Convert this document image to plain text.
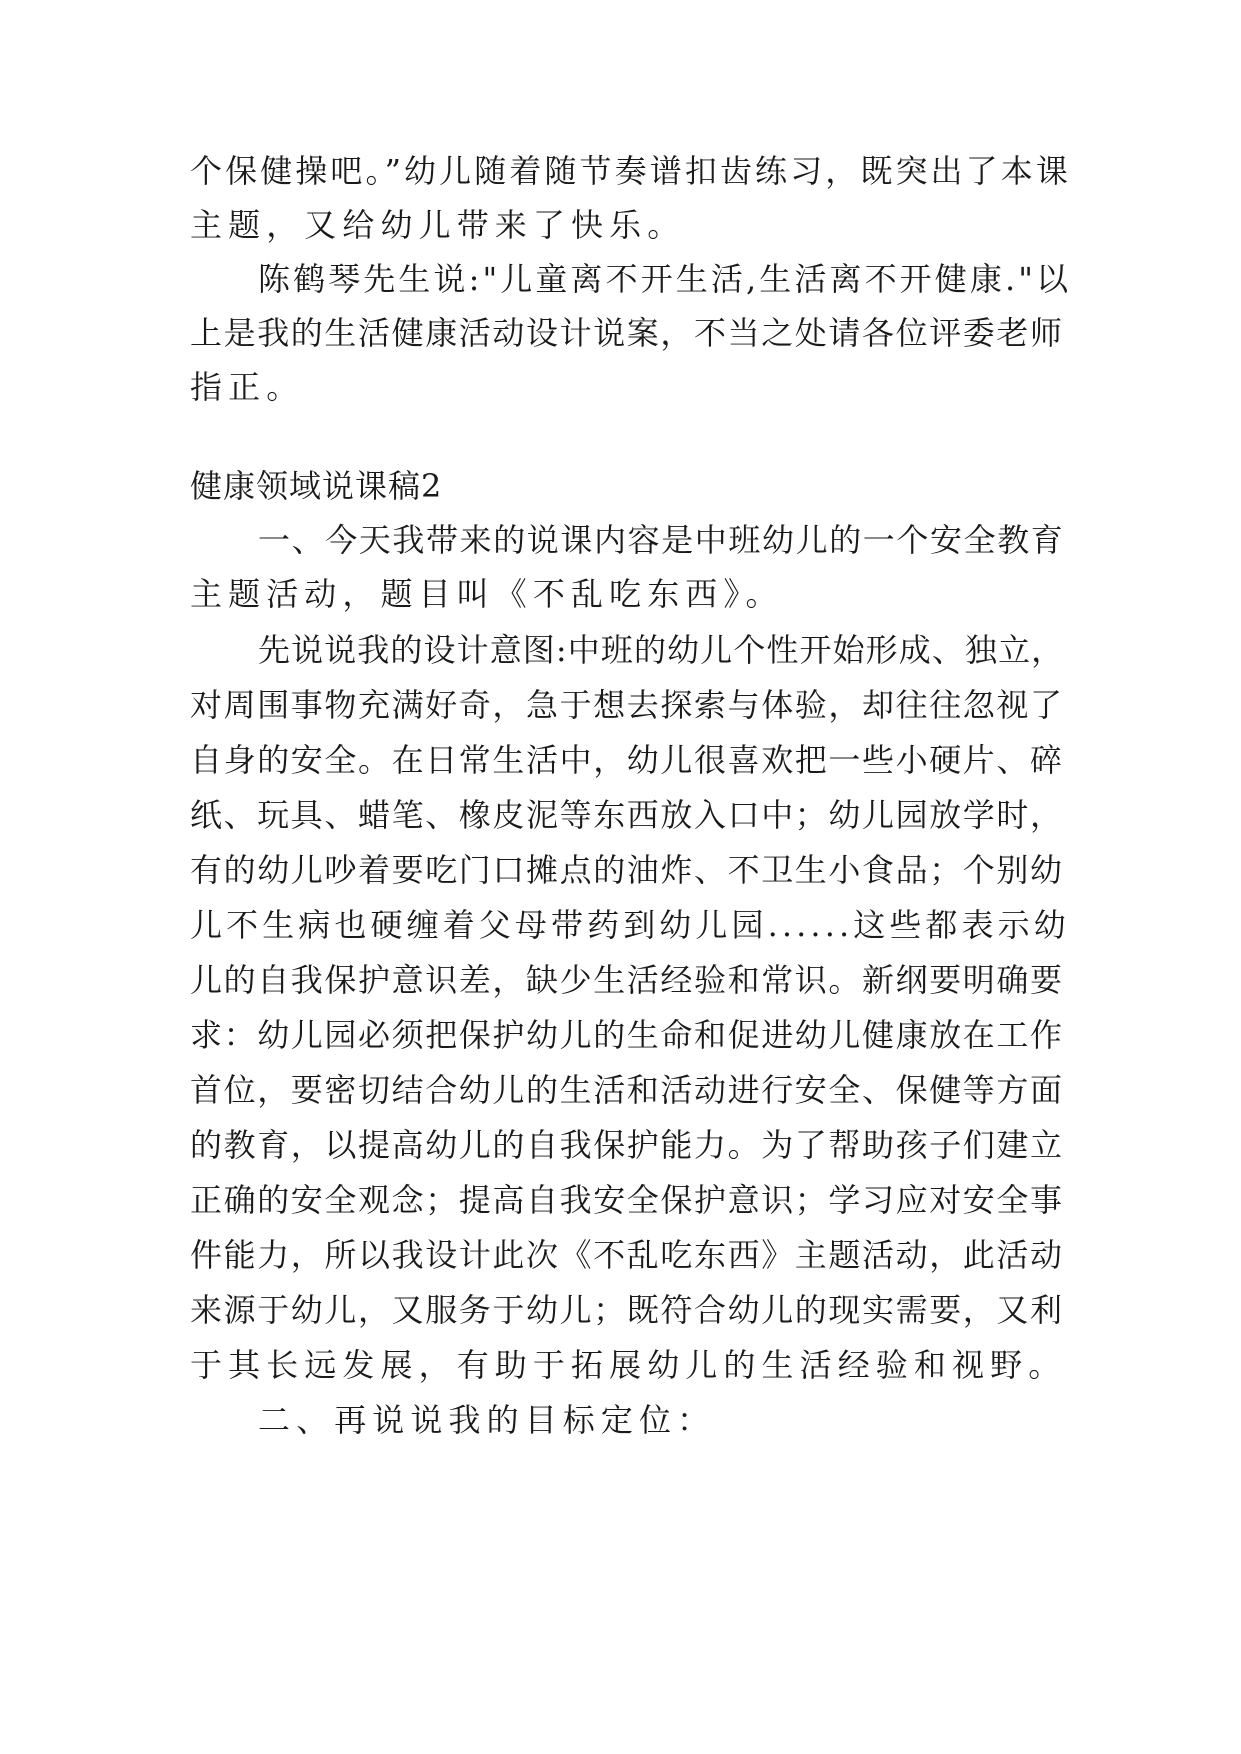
个保健操吧。”幼儿随着随节奏谱扣齿练习，既突出了本课
主题，又给幼儿带来了快乐。
陈鹤琴先生说:"儿童离不开生活,生活离不开健康."以
上是我的生活健康活动设计说案，不当之处请各位评委老师
指正。
健康领域说课稿2
一、今天我带来的说课内容是中班幼儿的一个安全教育
主题活动，题目叫《不乱吃东西》。
先说说我的设计意图:中班的幼儿个性开始形成、独立，
对周围事物充满好奇，急于想去探索与体验，却往往忽视了
自身的安全。在日常生活中，幼儿很喜欢把一些小硬片、碎
纸、玩具、蜡笔、橡皮泥等东西放入口中；幼儿园放学时，
有的幼儿吵着要吃门口摊点的油炸、不卫生小食品；个别幼
儿不生病也硬缠着父母带药到幼儿园......这些都表示幼
儿的自我保护意识差，缺少生活经验和常识。新纲要明确要
求：幼儿园必须把保护幼儿的生命和促进幼儿健康放在工作
首位，要密切结合幼儿的生活和活动进行安全、保健等方面
的教育，以提高幼儿的自我保护能力。为了帮助孩子们建立
正确的安全观念；提高自我安全保护意识；学习应对安全事
件能力，所以我设计此次《不乱吃东西》主题活动，此活动
来源于幼儿，又服务于幼儿；既符合幼儿的现实需要，又利
于其长远发展，有助于拓展幼儿的生活经验和视野。
二、再说说我的目标定位：
